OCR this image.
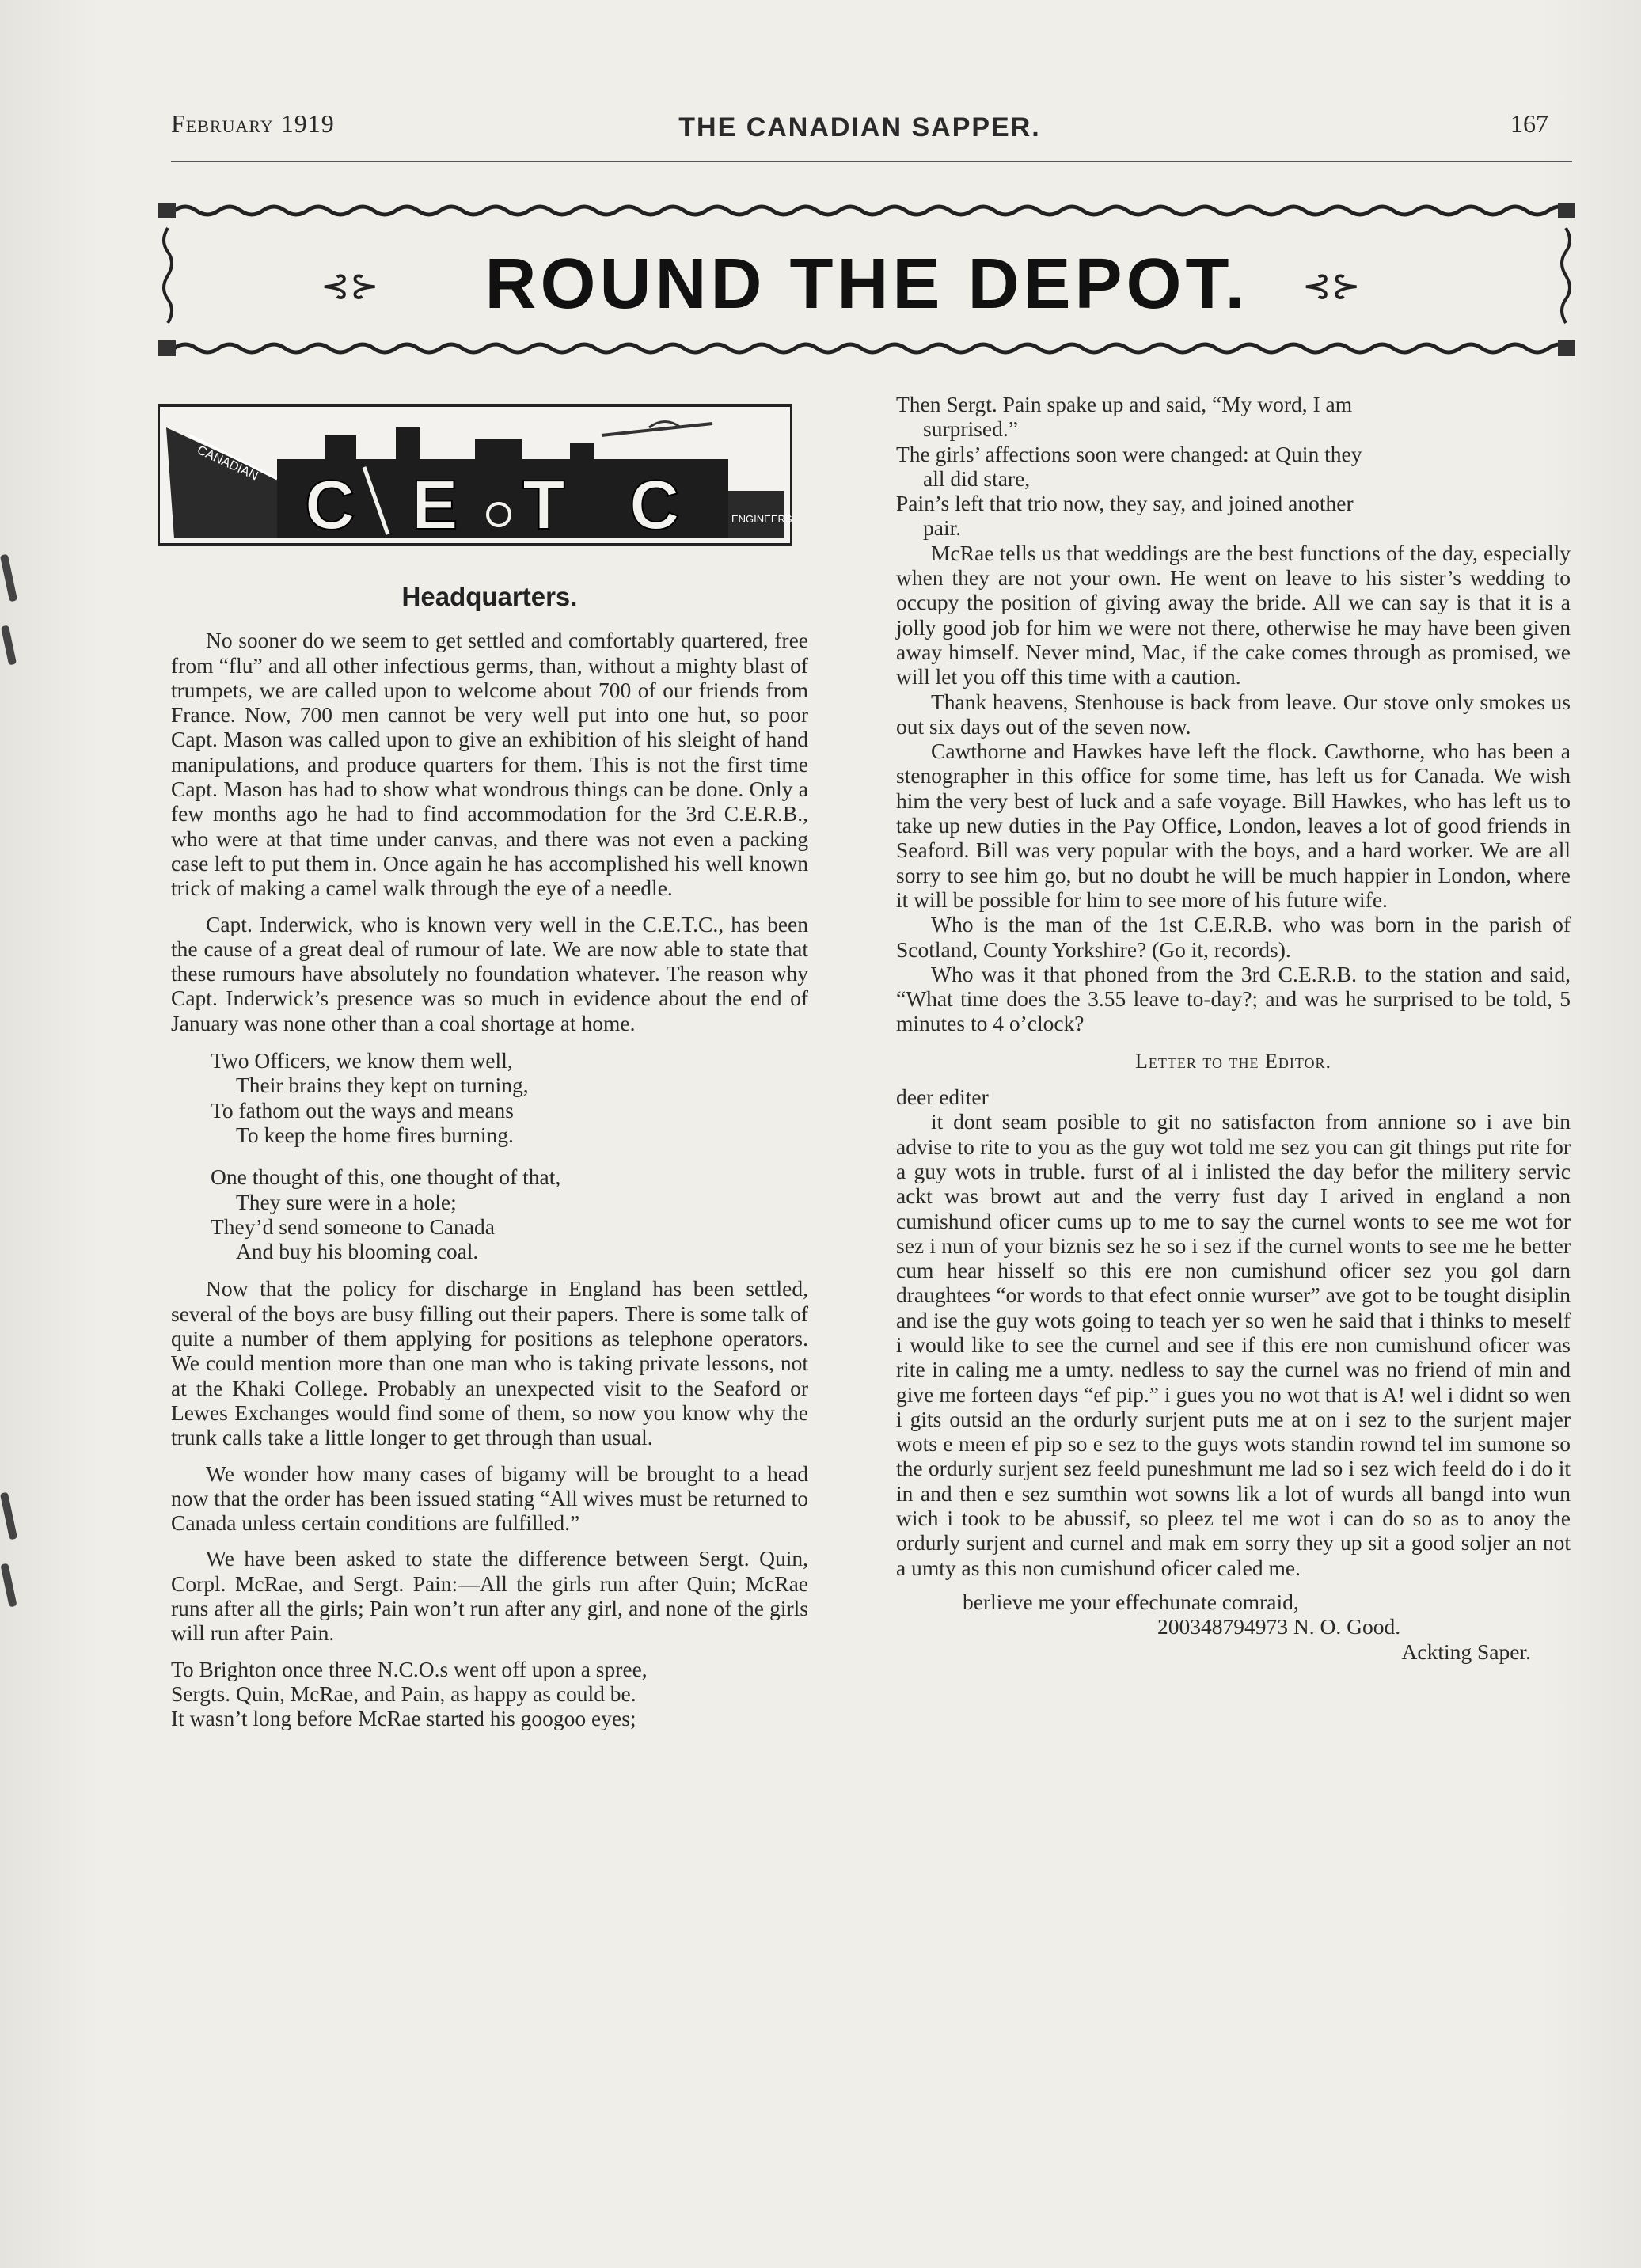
February 1919	THE CANADIAN SAPPER.	167
⊰⊱	ROUND THE DEPOT.	⊰⊱
CANADIAN
ENGINEERS
C E T C
Headquarters.

No sooner do we seem to get settled and comfortably quartered, free from “flu” and all other infectious germs, than, without a mighty blast of trumpets, we are called upon to welcome about 700 of our friends from France. Now, 700 men cannot be very well put into one hut, so poor Capt. Mason was called upon to give an exhibition of his sleight of hand manipulations, and produce quarters for them. This is not the first time Capt. Mason has had to show what wondrous things can be done. Only a few months ago he had to find accommodation for the 3rd C.E.R.B., who were at that time under canvas, and there was not even a packing case left to put them in. Once again he has accomplished his well known trick of making a camel walk through the eye of a needle.

Capt. Inderwick, who is known very well in the C.E.T.C., has been the cause of a great deal of rumour of late. We are now able to state that these rumours have absolutely no foundation whatever. The reason why Capt. Inderwick’s presence was so much in evidence about the end of January was none other than a coal shortage at home.

Two Officers, we know them well,
Their brains they kept on turning,
To fathom out the ways and means
To keep the home fires burning.
One thought of this, one thought of that,
They sure were in a hole;
They’d send someone to Canada
And buy his blooming coal.

Now that the policy for discharge in England has been settled, several of the boys are busy filling out their papers. There is some talk of quite a number of them applying for positions as telephone operators. We could mention more than one man who is taking private lessons, not at the Khaki College. Probably an unexpected visit to the Seaford or Lewes Exchanges would find some of them, so now you know why the trunk calls take a little longer to get through than usual.

We wonder how many cases of bigamy will be brought to a head now that the order has been issued stating “All wives must be returned to Canada unless certain conditions are fulfilled.”

We have been asked to state the difference between Sergt. Quin, Corpl. McRae, and Sergt. Pain:—All the girls run after Quin; McRae runs after all the girls; Pain won’t run after any girl, and none of the girls will run after Pain.

To Brighton once three N.C.O.s went off upon a spree,
Sergts. Quin, McRae, and Pain, as happy as could be.
It wasn’t long before McRae started his googoo eyes;
Then Sergt. Pain spake up and said, “My word, I am
surprised.”
The girls’ affections soon were changed: at Quin they
all did stare,
Pain’s left that trio now, they say, and joined another
pair.

McRae tells us that weddings are the best functions of the day, especially when they are not your own. He went on leave to his sister’s wedding to occupy the position of giving away the bride. All we can say is that it is a jolly good job for him we were not there, otherwise he may have been given away himself. Never mind, Mac, if the cake comes through as promised, we will let you off this time with a caution.

Thank heavens, Stenhouse is back from leave. Our stove only smokes us out six days out of the seven now.

Cawthorne and Hawkes have left the flock. Cawthorne, who has been a stenographer in this office for some time, has left us for Canada. We wish him the very best of luck and a safe voyage. Bill Hawkes, who has left us to take up new duties in the Pay Office, London, leaves a lot of good friends in Seaford. Bill was very popular with the boys, and a hard worker. We are all sorry to see him go, but no doubt he will be much happier in London, where it will be possible for him to see more of his future wife.

Who is the man of the 1st C.E.R.B. who was born in the parish of Scotland, County Yorkshire? (Go it, records).

Who was it that phoned from the 3rd C.E.R.B. to the station and said, “What time does the 3.55 leave to-day?; and was he surprised to be told, 5 minutes to 4 o’clock?

Letter to the Editor.

deer editer

it dont seam posible to git no satisfacton from annione so i ave bin advise to rite to you as the guy wot told me sez you can git things put rite for a guy wots in truble. furst of al i inlisted the day befor the militery servic ackt was browt aut and the verry fust day I arived in england a non cumishund oficer cums up to me to say the curnel wonts to see me wot for sez i nun of your biznis sez he so i sez if the curnel wonts to see me he better cum hear hisself so this ere non cumishund oficer sez you gol darn draughtees “or words to that efect onnie wurser” ave got to be tought disiplin and ise the guy wots going to teach yer so wen he said that i thinks to meself i would like to see the curnel and see if this ere non cumishund oficer was rite in caling me a umty. nedless to say the curnel was no friend of min and give me forteen days “ef pip.” i gues you no wot that is A! wel i didnt so wen i gits outsid an the ordurly surjent puts me at on i sez to the surjent majer wots e meen ef pip so e sez to the guys wots standin rownd tel im sumone so the ordurly surjent sez feeld puneshmunt me lad so i sez wich feeld do i do it in and then e sez sumthin wot sowns lik a lot of wurds all bangd into wun wich i took to be abussif, so pleez tel me wot i can do so as to anoy the ordurly surjent and curnel and mak em sorry they up sit a good soljer an not a umty as this non cumishund oficer caled me.

berlieve me your effechunate comraid,
200348794973 N. O. Good.
Ackting Saper.
